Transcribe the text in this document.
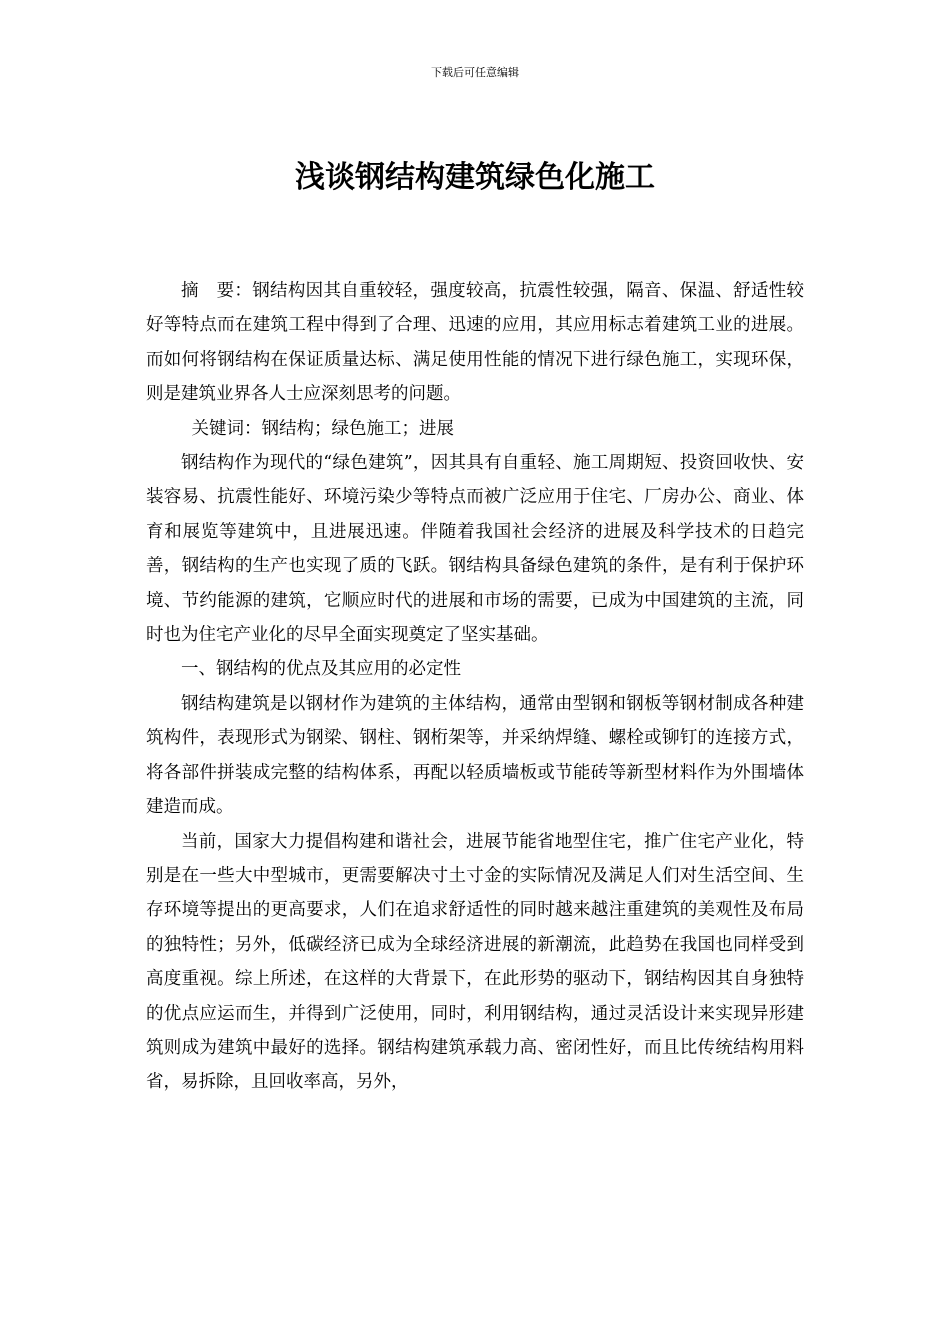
下载后可任意编辑
浅谈钢结构建筑绿色化施工

摘　要：钢结构因其自重较轻，强度较高，抗震性较强，隔音、保温、舒适性较好等特点而在建筑工程中得到了合理、迅速的应用，其应用标志着建筑工业的进展。而如何将钢结构在保证质量达标、满足使用性能的情况下进行绿色施工，实现环保，则是建筑业界各人士应深刻思考的问题。

关键词：钢结构；绿色施工；进展

钢结构作为现代的“绿色建筑”，因其具有自重轻、施工周期短、投资回收快、安装容易、抗震性能好、环境污染少等特点而被广泛应用于住宅、厂房办公、商业、体育和展览等建筑中，且进展迅速。伴随着我国社会经济的进展及科学技术的日趋完善，钢结构的生产也实现了质的飞跃。钢结构具备绿色建筑的条件，是有利于保护环境、节约能源的建筑，它顺应时代的进展和市场的需要，已成为中国建筑的主流，同时也为住宅产业化的尽早全面实现奠定了坚实基础。

一、钢结构的优点及其应用的必定性

钢结构建筑是以钢材作为建筑的主体结构，通常由型钢和钢板等钢材制成各种建筑构件，表现形式为钢梁、钢柱、钢桁架等，并采纳焊缝、螺栓或铆钉的连接方式，将各部件拼装成完整的结构体系，再配以轻质墙板或节能砖等新型材料作为外围墙体建造而成。

当前，国家大力提倡构建和谐社会，进展节能省地型住宅，推广住宅产业化，特别是在一些大中型城市，更需要解决寸土寸金的实际情况及满足人们对生活空间、生存环境等提出的更高要求，人们在追求舒适性的同时越来越注重建筑的美观性及布局的独特性；另外，低碳经济已成为全球经济进展的新潮流，此趋势在我国也同样受到高度重视。综上所述，在这样的大背景下，在此形势的驱动下，钢结构因其自身独特的优点应运而生，并得到广泛使用，同时，利用钢结构，通过灵活设计来实现异形建筑则成为建筑中最好的选择。钢结构建筑承载力高、密闭性好，而且比传统结构用料省，易拆除，且回收率高，另外，
